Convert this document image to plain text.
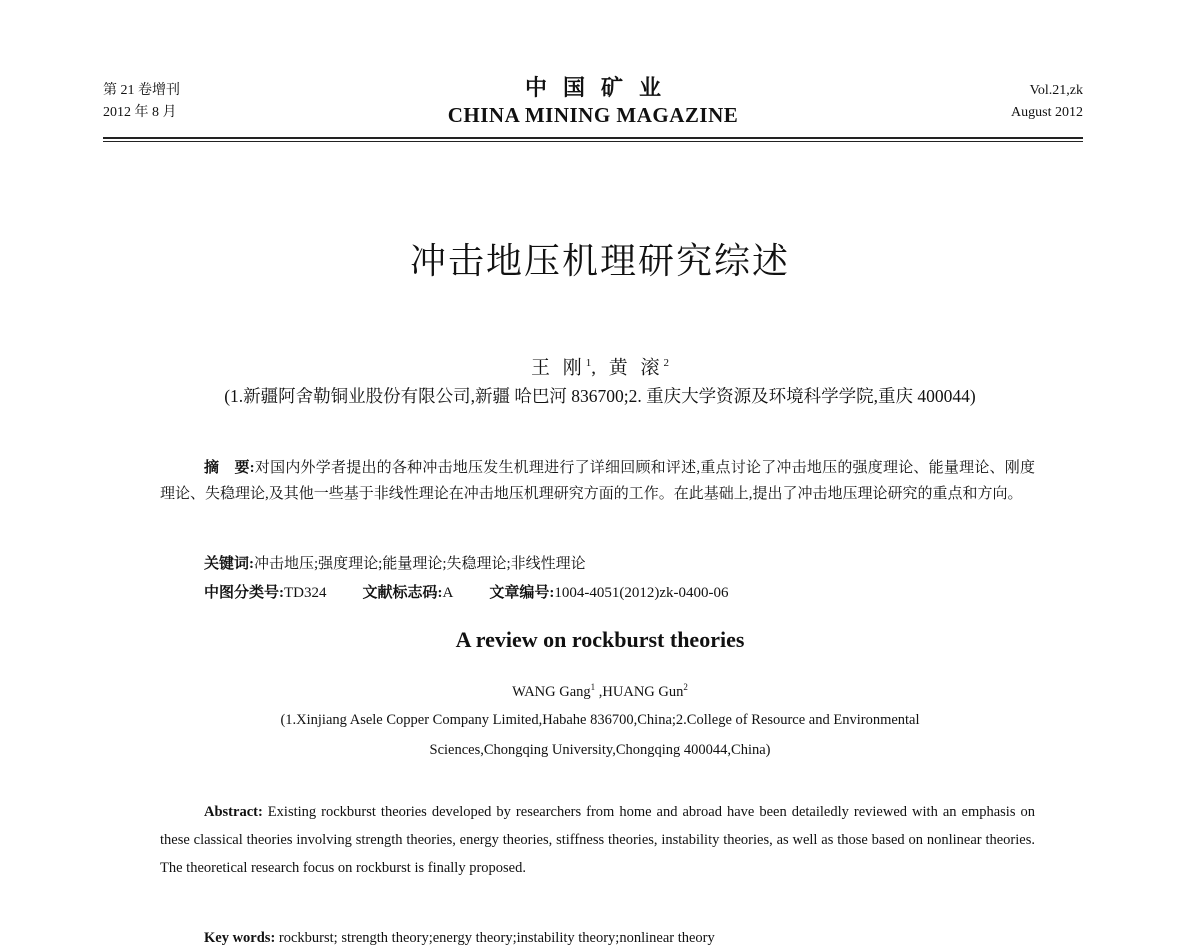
第 21 卷增刊
2012 年 8 月
中国矿业
CHINA MINING MAGAZINE
Vol.21,zk
August 2012
冲击地压机理研究综述
王 刚$^1$, 黄 滚$^2$
(1.新疆阿舍勒铜业股份有限公司,新疆 哈巴河 836700;2. 重庆大学资源及环境科学学院,重庆 400044)
摘　要:对国内外学者提出的各种冲击地压发生机理进行了详细回顾和评述,重点讨论了冲击地压的强度理论、能量理论、刚度理论、失稳理论,及其他一些基于非线性理论在冲击地压机理研究方面的工作。在此基础上,提出了冲击地压理论研究的重点和方向。
关键词:冲击地压;强度理论;能量理论;失稳理论;非线性理论
中图分类号:TD324 文献标志码:A 文章编号:1004-4051(2012)zk-0400-06
A review on rockburst theories
WANG Gang$^1$ ,HUANG Gun$^2$
(1.Xinjiang Asele Copper Company Limited,Habahe 836700,China;2.College of Resource and Environmental
Sciences,Chongqing University,Chongqing 400044,China)
Abstract: Existing rockburst theories developed by researchers from home and abroad have been detailedly reviewed with an emphasis on these classical theories involving strength theories, energy theories, stiffness theories, instability theories, as well as those based on nonlinear theories. The theoretical research focus on rockburst is finally proposed.
Key words: rockburst; strength theory;energy theory;instability theory;nonlinear theory
